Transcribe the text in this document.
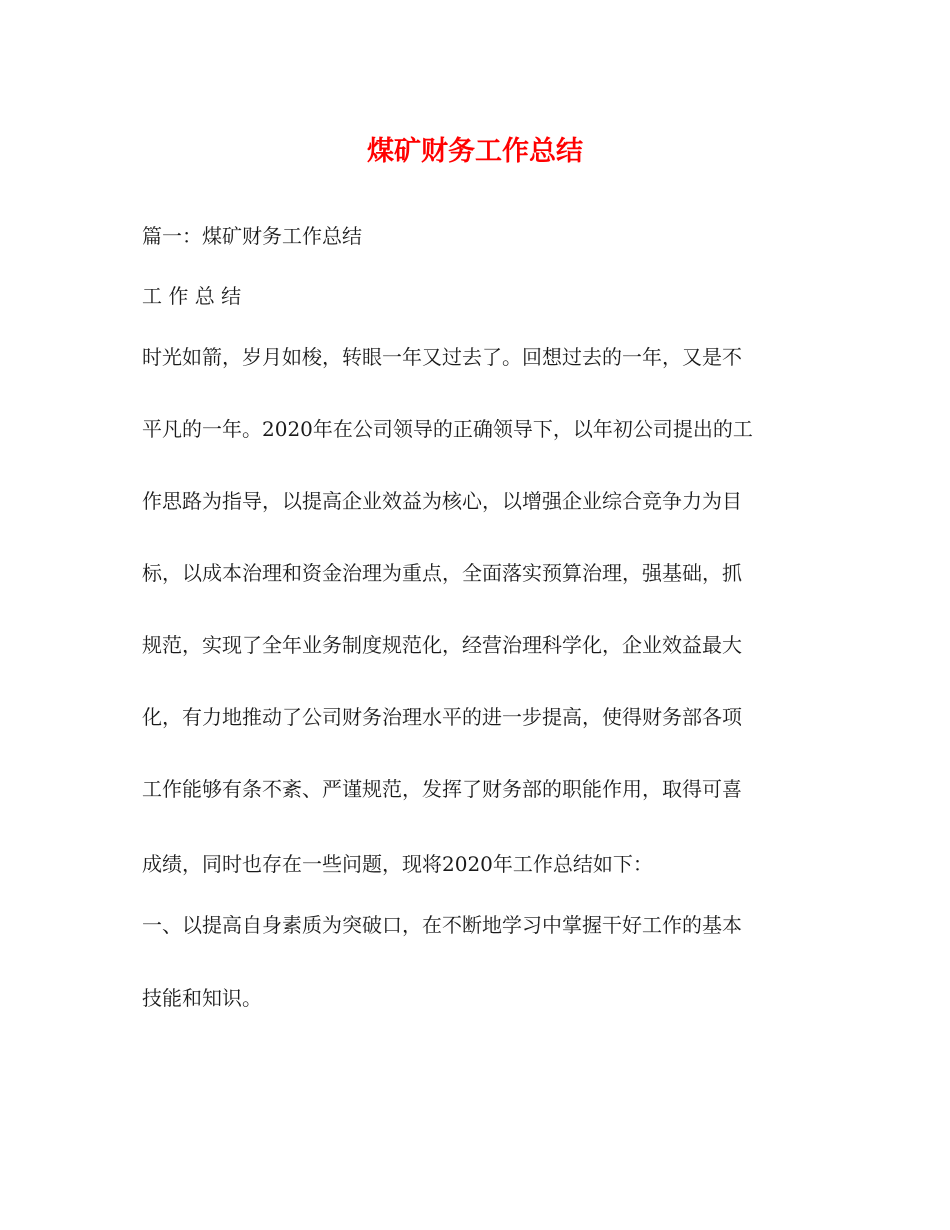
煤矿财务工作总结

篇一：煤矿财务工作总结

工 作 总 结

时光如箭，岁月如梭，转眼一年又过去了。回想过去的一年，又是不

平凡的一年。2020年在公司领导的正确领导下，以年初公司提出的工

作思路为指导，以提高企业效益为核心，以增强企业综合竞争力为目

标，以成本治理和资金治理为重点，全面落实预算治理，强基础，抓

规范，实现了全年业务制度规范化，经营治理科学化，企业效益最大

化，有力地推动了公司财务治理水平的进一步提高，使得财务部各项

工作能够有条不紊、严谨规范，发挥了财务部的职能作用，取得可喜

成绩，同时也存在一些问题，现将2020年工作总结如下：

一、以提高自身素质为突破口，在不断地学习中掌握干好工作的基本

技能和知识。
